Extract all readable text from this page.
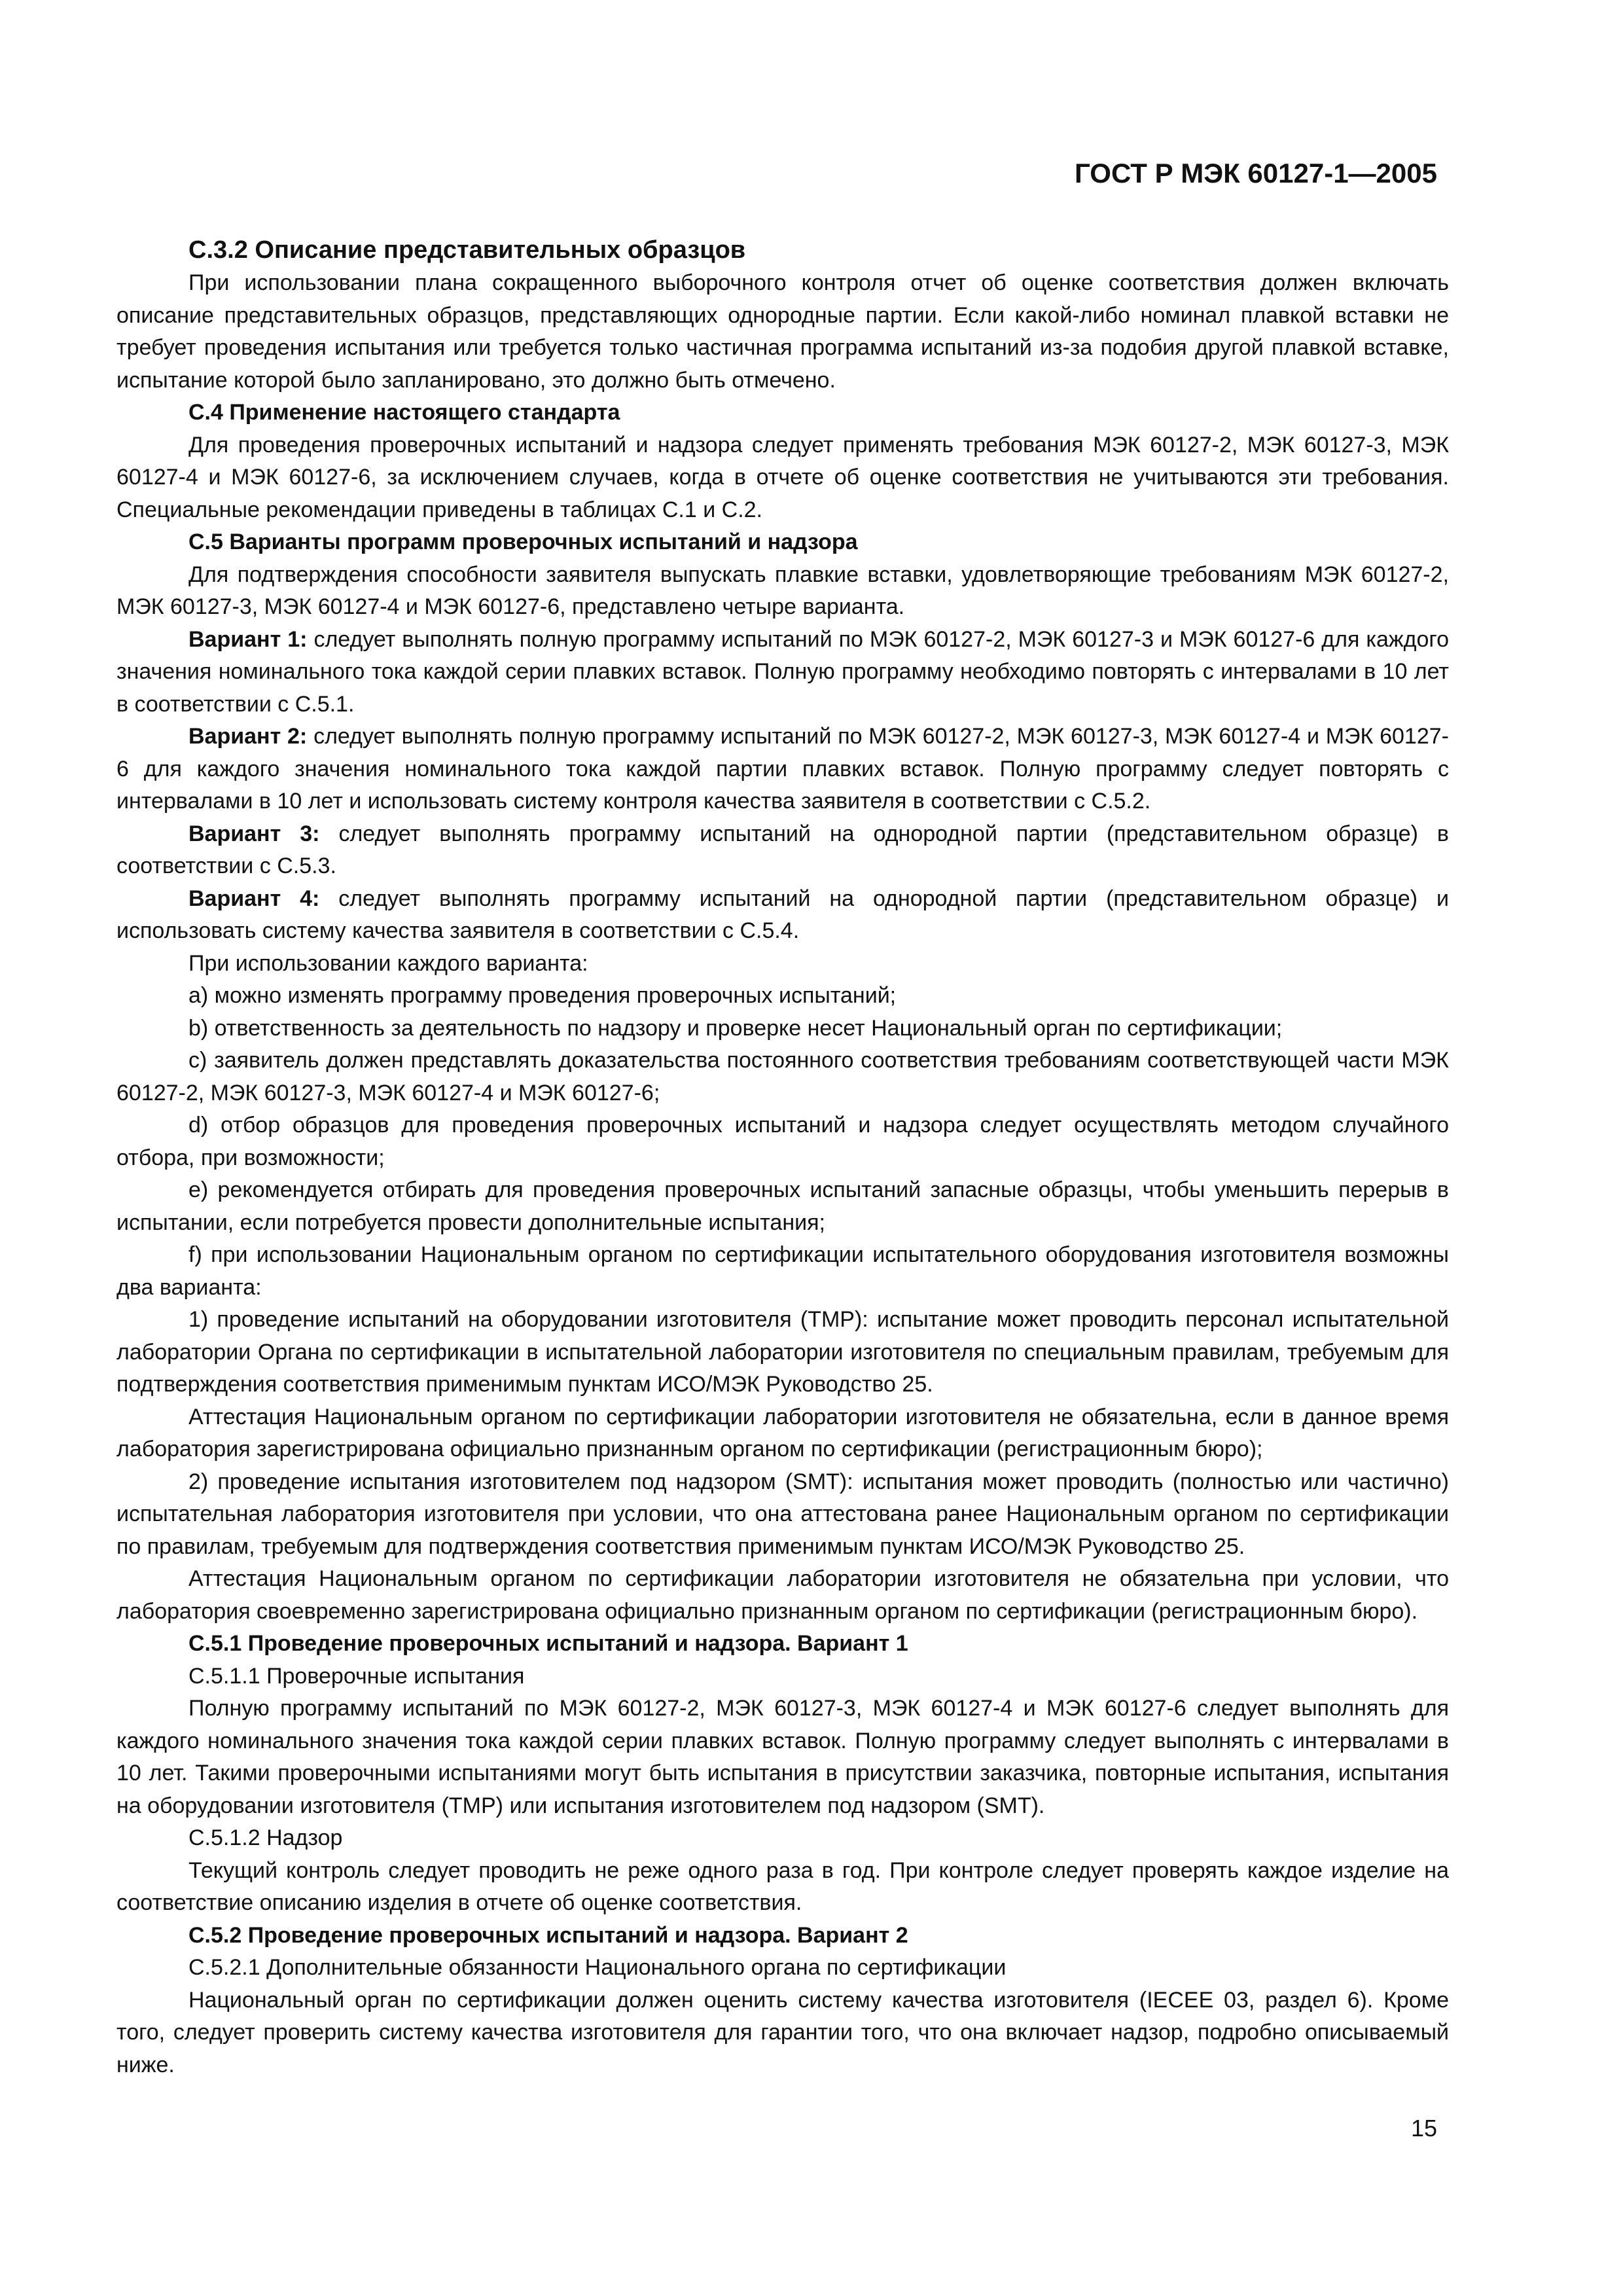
ГОСТ Р МЭК 60127-1—2005

С.3.2 Описание представительных образцов

При использовании плана сокращенного выборочного контроля отчет об оценке соответствия должен включать описание представительных образцов, представляющих однородные партии. Если какой-либо номинал плавкой вставки не требует проведения испытания или требуется только частичная программа испытаний из-за подобия другой плавкой вставке, испытание которой было запланировано, это должно быть отмечено.

С.4 Применение настоящего стандарта

Для проведения проверочных испытаний и надзора следует применять требования МЭК 60127-2, МЭК 60127-3, МЭК 60127-4 и МЭК 60127-6, за исключением случаев, когда в отчете об оценке соответствия не учитываются эти требования. Специальные рекомендации приведены в таблицах С.1 и С.2.

С.5 Варианты программ проверочных испытаний и надзора

Для подтверждения способности заявителя выпускать плавкие вставки, удовлетворяющие требованиям МЭК 60127-2, МЭК 60127-3, МЭК 60127-4 и МЭК 60127-6, представлено четыре варианта.

Вариант 1: следует выполнять полную программу испытаний по МЭК 60127-2, МЭК 60127-3 и МЭК 60127-6 для каждого значения номинального тока каждой серии плавких вставок. Полную программу необходимо повторять с интервалами в 10 лет в соответствии с С.5.1.

Вариант 2: следует выполнять полную программу испытаний по МЭК 60127-2, МЭК 60127-3, МЭК 60127-4 и МЭК 60127-6 для каждого значения номинального тока каждой партии плавких вставок. Полную программу следует повторять с интервалами в 10 лет и использовать систему контроля качества заявителя в соответствии с С.5.2.

Вариант 3: следует выполнять программу испытаний на однородной партии (представительном образце) в соответствии с С.5.3.

Вариант 4: следует выполнять программу испытаний на однородной партии (представительном образце) и использовать систему качества заявителя в соответствии с С.5.4.

При использовании каждого варианта:

а) можно изменять программу проведения проверочных испытаний;

b) ответственность за деятельность по надзору и проверке несет Национальный орган по сертификации;

с) заявитель должен представлять доказательства постоянного соответствия требованиям соответствующей части МЭК 60127-2, МЭК 60127-3, МЭК 60127-4 и МЭК 60127-6;

d) отбор образцов для проведения проверочных испытаний и надзора следует осуществлять методом случайного отбора, при возможности;

e) рекомендуется отбирать для проведения проверочных испытаний запасные образцы, чтобы уменьшить перерыв в испытании, если потребуется провести дополнительные испытания;

f) при использовании Национальным органом по сертификации испытательного оборудования изготовителя возможны два варианта:

1) проведение испытаний на оборудовании изготовителя (TMP): испытание может проводить персонал испытательной лаборатории Органа по сертификации в испытательной лаборатории изготовителя по специальным правилам, требуемым для подтверждения соответствия применимым пунктам ИСО/МЭК Руководство 25.

Аттестация Национальным органом по сертификации лаборатории изготовителя не обязательна, если в данное время лаборатория зарегистрирована официально признанным органом по сертификации (регистрационным бюро);

2) проведение испытания изготовителем под надзором (SMT): испытания может проводить (полностью или частично) испытательная лаборатория изготовителя при условии, что она аттестована ранее Национальным органом по сертификации по правилам, требуемым для подтверждения соответствия применимым пунктам ИСО/МЭК Руководство 25.

Аттестация Национальным органом по сертификации лаборатории изготовителя не обязательна при условии, что лаборатория своевременно зарегистрирована официально признанным органом по сертификации (регистрационным бюро).

С.5.1 Проведение проверочных испытаний и надзора. Вариант 1

С.5.1.1 Проверочные испытания

Полную программу испытаний по МЭК 60127-2, МЭК 60127-3, МЭК 60127-4 и МЭК 60127-6 следует выполнять для каждого номинального значения тока каждой серии плавких вставок. Полную программу следует выполнять с интервалами в 10 лет. Такими проверочными испытаниями могут быть испытания в присутствии заказчика, повторные испытания, испытания на оборудовании изготовителя (TMP) или испытания изготовителем под надзором (SMT).

С.5.1.2 Надзор

Текущий контроль следует проводить не реже одного раза в год. При контроле следует проверять каждое изделие на соответствие описанию изделия в отчете об оценке соответствия.

С.5.2 Проведение проверочных испытаний и надзора. Вариант 2

С.5.2.1 Дополнительные обязанности Национального органа по сертификации

Национальный орган по сертификации должен оценить систему качества изготовителя (IECEE 03, раздел 6). Кроме того, следует проверить систему качества изготовителя для гарантии того, что она включает надзор, подробно описываемый ниже.

15
